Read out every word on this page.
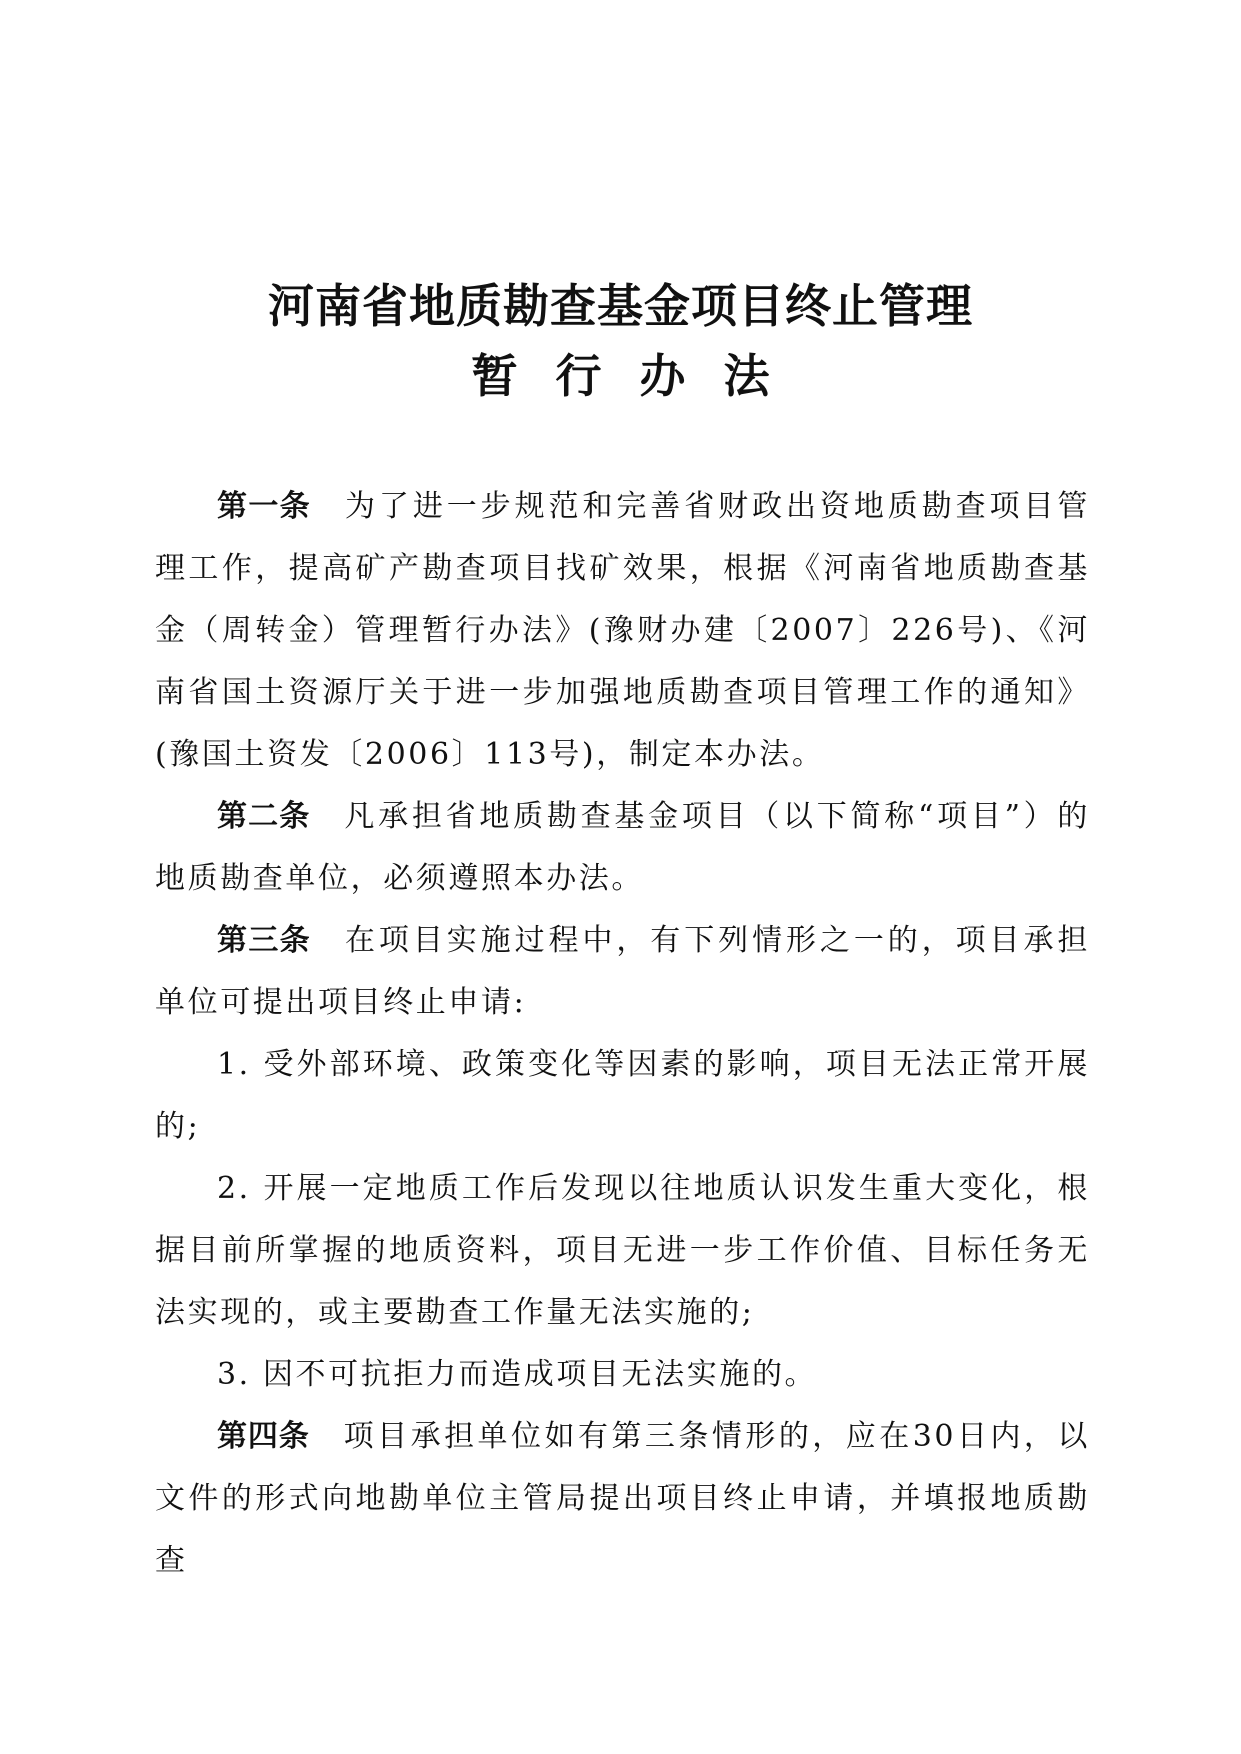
河南省地质勘查基金项目终止管理
暂行办法

第一条 为了进一步规范和完善省财政出资地质勘查项目管理工作，提高矿产勘查项目找矿效果，根据《河南省地质勘查基金（周转金）管理暂行办法》(豫财办建〔2007〕226号)、《河南省国土资源厅关于进一步加强地质勘查项目管理工作的通知》(豫国土资发〔2006〕113号)，制定本办法。

第二条 凡承担省地质勘查基金项目（以下简称“项目”）的地质勘查单位，必须遵照本办法。

第三条 在项目实施过程中，有下列情形之一的，项目承担单位可提出项目终止申请:

1. 受外部环境、政策变化等因素的影响，项目无法正常开展的;

2. 开展一定地质工作后发现以往地质认识发生重大变化，根据目前所掌握的地质资料，项目无进一步工作价值、目标任务无法实现的，或主要勘查工作量无法实施的;

3. 因不可抗拒力而造成项目无法实施的。

第四条 项目承担单位如有第三条情形的，应在30日内，以文件的形式向地勘单位主管局提出项目终止申请，并填报地质勘查
